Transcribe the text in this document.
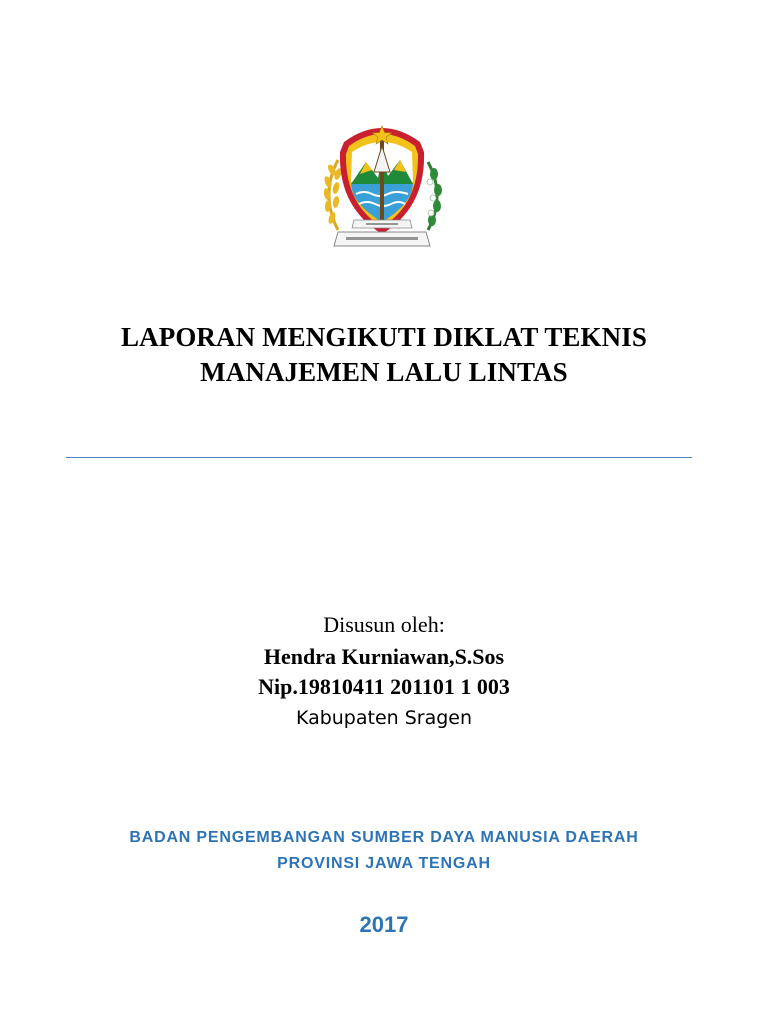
LAPORAN MENGIKUTI DIKLAT TEKNIS
MANAJEMEN LALU LINTAS
Disusun oleh:
Hendra Kurniawan,S.Sos
Nip.19810411 201101 1 003
Kabupaten Sragen
BADAN PENGEMBANGAN SUMBER DAYA MANUSIA DAERAH
PROVINSI JAWA TENGAH
2017
